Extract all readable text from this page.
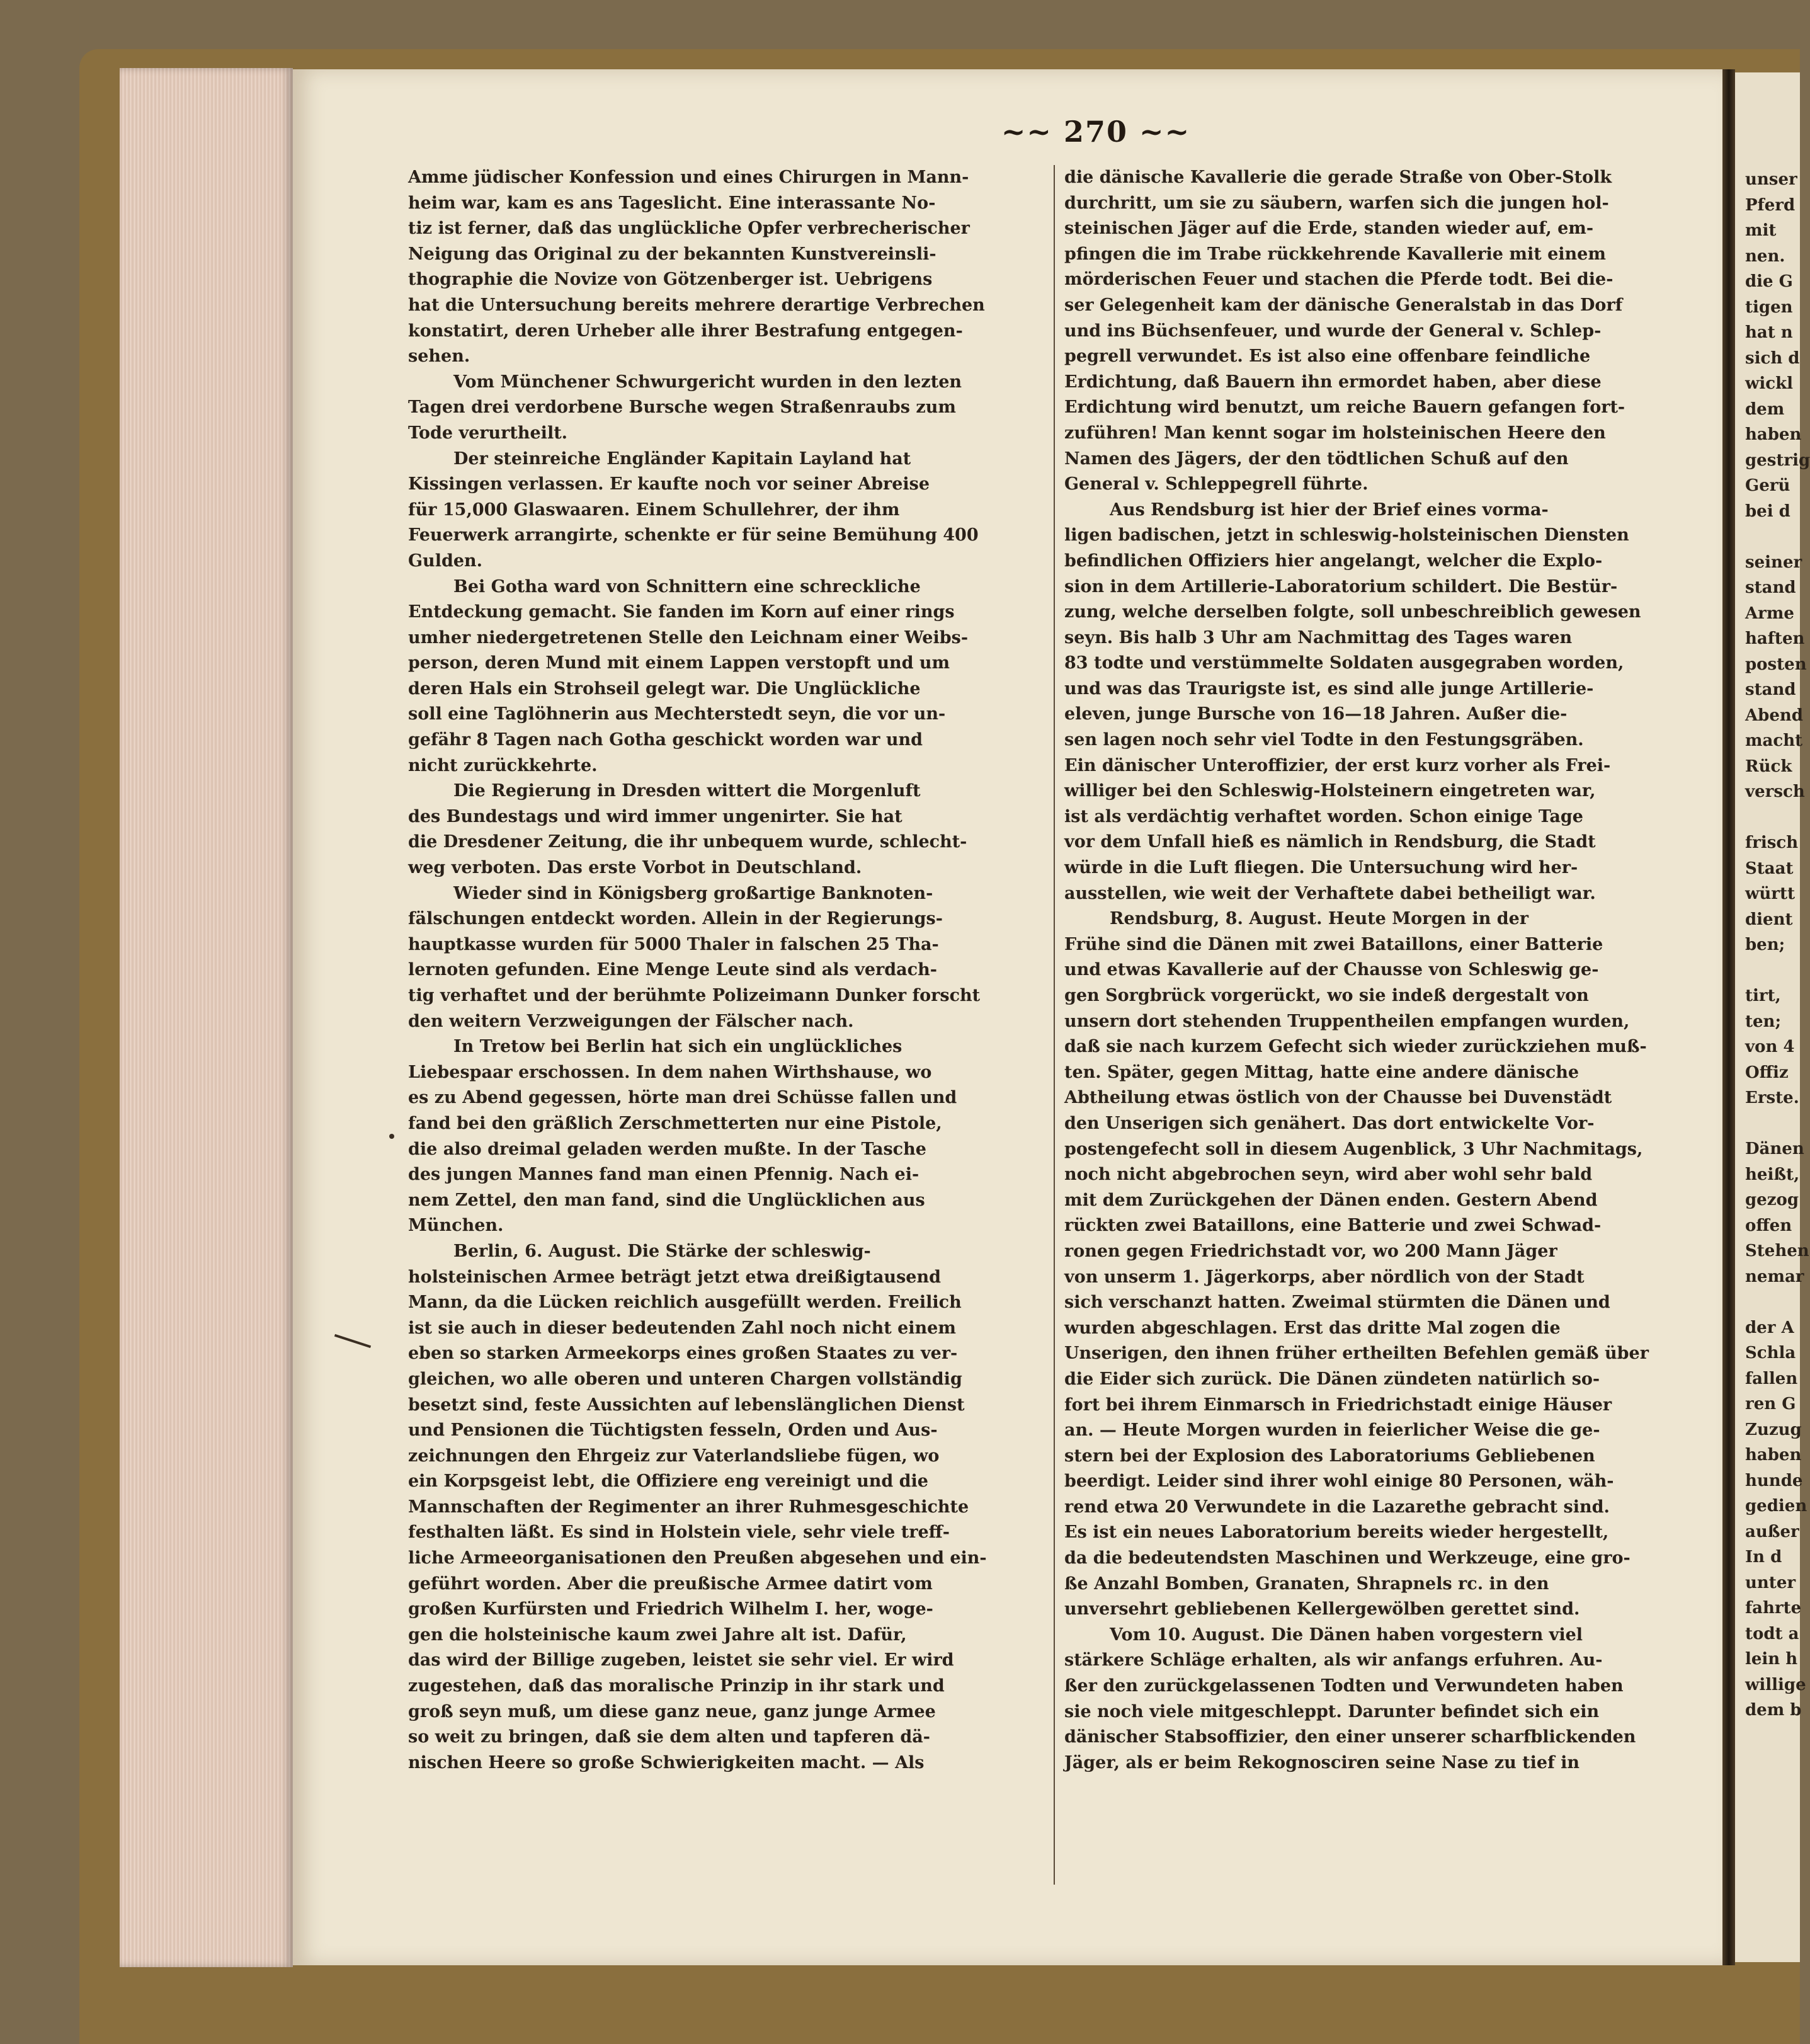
unser
Pferd
mit
nen.
die G
tigen
hat n
sich d
wickl
dem
haben
gestrig
Gerü
bei d

seiner
stand
Arme
haften
posten
stand
Abend
macht
Rück
versch

frisch
Staat
württ
dient
ben;

tirt,
ten;
von 4
Offiz
Erste.

Dänen
heißt,
gezog
offen
Stehen
nemar

der A
Schla
fallen
ren G
Zuzug
haben
hunde
gedien
außer
In d
unter
fahrte
todt a
lein h
willige
dem b
~~ 270 ~~
Amme jüdischer Konfession und eines Chirurgen in Mann-
heim war, kam es ans Tageslicht. Eine interassante No-
tiz ist ferner, daß das unglückliche Opfer verbrecherischer
Neigung das Original zu der bekannten Kunstvereinsli-
thographie die Novize von Götzenberger ist. Uebrigens
hat die Untersuchung bereits mehrere derartige Verbrechen
konstatirt, deren Urheber alle ihrer Bestrafung entgegen-
sehen.
Vom Münchener Schwurgericht wurden in den lezten
Tagen drei verdorbene Bursche wegen Straßenraubs zum
Tode verurtheilt.
Der steinreiche Engländer Kapitain Layland hat
Kissingen verlassen. Er kaufte noch vor seiner Abreise
für 15,000 Glaswaaren. Einem Schullehrer, der ihm
Feuerwerk arrangirte, schenkte er für seine Bemühung 400
Gulden.
Bei Gotha ward von Schnittern eine schreckliche
Entdeckung gemacht. Sie fanden im Korn auf einer rings
umher niedergetretenen Stelle den Leichnam einer Weibs-
person, deren Mund mit einem Lappen verstopft und um
deren Hals ein Strohseil gelegt war. Die Unglückliche
soll eine Taglöhnerin aus Mechterstedt seyn, die vor un-
gefähr 8 Tagen nach Gotha geschickt worden war und
nicht zurückkehrte.
Die Regierung in Dresden wittert die Morgenluft
des Bundestags und wird immer ungenirter. Sie hat
die Dresdener Zeitung, die ihr unbequem wurde, schlecht-
weg verboten. Das erste Vorbot in Deutschland.
Wieder sind in Königsberg großartige Banknoten-
fälschungen entdeckt worden. Allein in der Regierungs-
hauptkasse wurden für 5000 Thaler in falschen 25 Tha-
lernoten gefunden. Eine Menge Leute sind als verdach-
tig verhaftet und der berühmte Polizeimann Dunker forscht
den weitern Verzweigungen der Fälscher nach.
In Tretow bei Berlin hat sich ein unglückliches
Liebespaar erschossen. In dem nahen Wirthshause, wo
es zu Abend gegessen, hörte man drei Schüsse fallen und
fand bei den gräßlich Zerschmetterten nur eine Pistole,
die also dreimal geladen werden mußte. In der Tasche
des jungen Mannes fand man einen Pfennig. Nach ei-
nem Zettel, den man fand, sind die Unglücklichen aus
München.
Berlin, 6. August. Die Stärke der schleswig-
holsteinischen Armee beträgt jetzt etwa dreißigtausend
Mann, da die Lücken reichlich ausgefüllt werden. Freilich
ist sie auch in dieser bedeutenden Zahl noch nicht einem
eben so starken Armeekorps eines großen Staates zu ver-
gleichen, wo alle oberen und unteren Chargen vollständig
besetzt sind, feste Aussichten auf lebenslänglichen Dienst
und Pensionen die Tüchtigsten fesseln, Orden und Aus-
zeichnungen den Ehrgeiz zur Vaterlandsliebe fügen, wo
ein Korpsgeist lebt, die Offiziere eng vereinigt und die
Mannschaften der Regimenter an ihrer Ruhmesgeschichte
festhalten läßt. Es sind in Holstein viele, sehr viele treff-
liche Armeeorganisationen den Preußen abgesehen und ein-
geführt worden. Aber die preußische Armee datirt vom
großen Kurfürsten und Friedrich Wilhelm I. her, woge-
gen die holsteinische kaum zwei Jahre alt ist. Dafür,
das wird der Billige zugeben, leistet sie sehr viel. Er wird
zugestehen, daß das moralische Prinzip in ihr stark und
groß seyn muß, um diese ganz neue, ganz junge Armee
so weit zu bringen, daß sie dem alten und tapferen dä-
nischen Heere so große Schwierigkeiten macht. — Als
die dänische Kavallerie die gerade Straße von Ober-Stolk
durchritt, um sie zu säubern, warfen sich die jungen hol-
steinischen Jäger auf die Erde, standen wieder auf, em-
pfingen die im Trabe rückkehrende Kavallerie mit einem
mörderischen Feuer und stachen die Pferde todt. Bei die-
ser Gelegenheit kam der dänische Generalstab in das Dorf
und ins Büchsenfeuer, und wurde der General v. Schlep-
pegrell verwundet. Es ist also eine offenbare feindliche
Erdichtung, daß Bauern ihn ermordet haben, aber diese
Erdichtung wird benutzt, um reiche Bauern gefangen fort-
zuführen! Man kennt sogar im holsteinischen Heere den
Namen des Jägers, der den tödtlichen Schuß auf den
General v. Schleppegrell führte.
Aus Rendsburg ist hier der Brief eines vorma-
ligen badischen, jetzt in schleswig-holsteinischen Diensten
befindlichen Offiziers hier angelangt, welcher die Explo-
sion in dem Artillerie-Laboratorium schildert. Die Bestür-
zung, welche derselben folgte, soll unbeschreiblich gewesen
seyn. Bis halb 3 Uhr am Nachmittag des Tages waren
83 todte und verstümmelte Soldaten ausgegraben worden,
und was das Traurigste ist, es sind alle junge Artillerie-
eleven, junge Bursche von 16—18 Jahren. Außer die-
sen lagen noch sehr viel Todte in den Festungsgräben.
Ein dänischer Unteroffizier, der erst kurz vorher als Frei-
williger bei den Schleswig-Holsteinern eingetreten war,
ist als verdächtig verhaftet worden. Schon einige Tage
vor dem Unfall hieß es nämlich in Rendsburg, die Stadt
würde in die Luft fliegen. Die Untersuchung wird her-
ausstellen, wie weit der Verhaftete dabei betheiligt war.
Rendsburg, 8. August. Heute Morgen in der
Frühe sind die Dänen mit zwei Bataillons, einer Batterie
und etwas Kavallerie auf der Chausse von Schleswig ge-
gen Sorgbrück vorgerückt, wo sie indeß dergestalt von
unsern dort stehenden Truppentheilen empfangen wurden,
daß sie nach kurzem Gefecht sich wieder zurückziehen muß-
ten. Später, gegen Mittag, hatte eine andere dänische
Abtheilung etwas östlich von der Chausse bei Duvenstädt
den Unserigen sich genähert. Das dort entwickelte Vor-
postengefecht soll in diesem Augenblick, 3 Uhr Nachmitags,
noch nicht abgebrochen seyn, wird aber wohl sehr bald
mit dem Zurückgehen der Dänen enden. Gestern Abend
rückten zwei Bataillons, eine Batterie und zwei Schwad-
ronen gegen Friedrichstadt vor, wo 200 Mann Jäger
von unserm 1. Jägerkorps, aber nördlich von der Stadt
sich verschanzt hatten. Zweimal stürmten die Dänen und
wurden abgeschlagen. Erst das dritte Mal zogen die
Unserigen, den ihnen früher ertheilten Befehlen gemäß über
die Eider sich zurück. Die Dänen zündeten natürlich so-
fort bei ihrem Einmarsch in Friedrichstadt einige Häuser
an. — Heute Morgen wurden in feierlicher Weise die ge-
stern bei der Explosion des Laboratoriums Gebliebenen
beerdigt. Leider sind ihrer wohl einige 80 Personen, wäh-
rend etwa 20 Verwundete in die Lazarethe gebracht sind.
Es ist ein neues Laboratorium bereits wieder hergestellt,
da die bedeutendsten Maschinen und Werkzeuge, eine gro-
ße Anzahl Bomben, Granaten, Shrapnels rc. in den
unversehrt gebliebenen Kellergewölben gerettet sind.
Vom 10. August. Die Dänen haben vorgestern viel
stärkere Schläge erhalten, als wir anfangs erfuhren. Au-
ßer den zurückgelassenen Todten und Verwundeten haben
sie noch viele mitgeschleppt. Darunter befindet sich ein
dänischer Stabsoffizier, den einer unserer scharfblickenden
Jäger, als er beim Rekognosciren seine Nase zu tief in
